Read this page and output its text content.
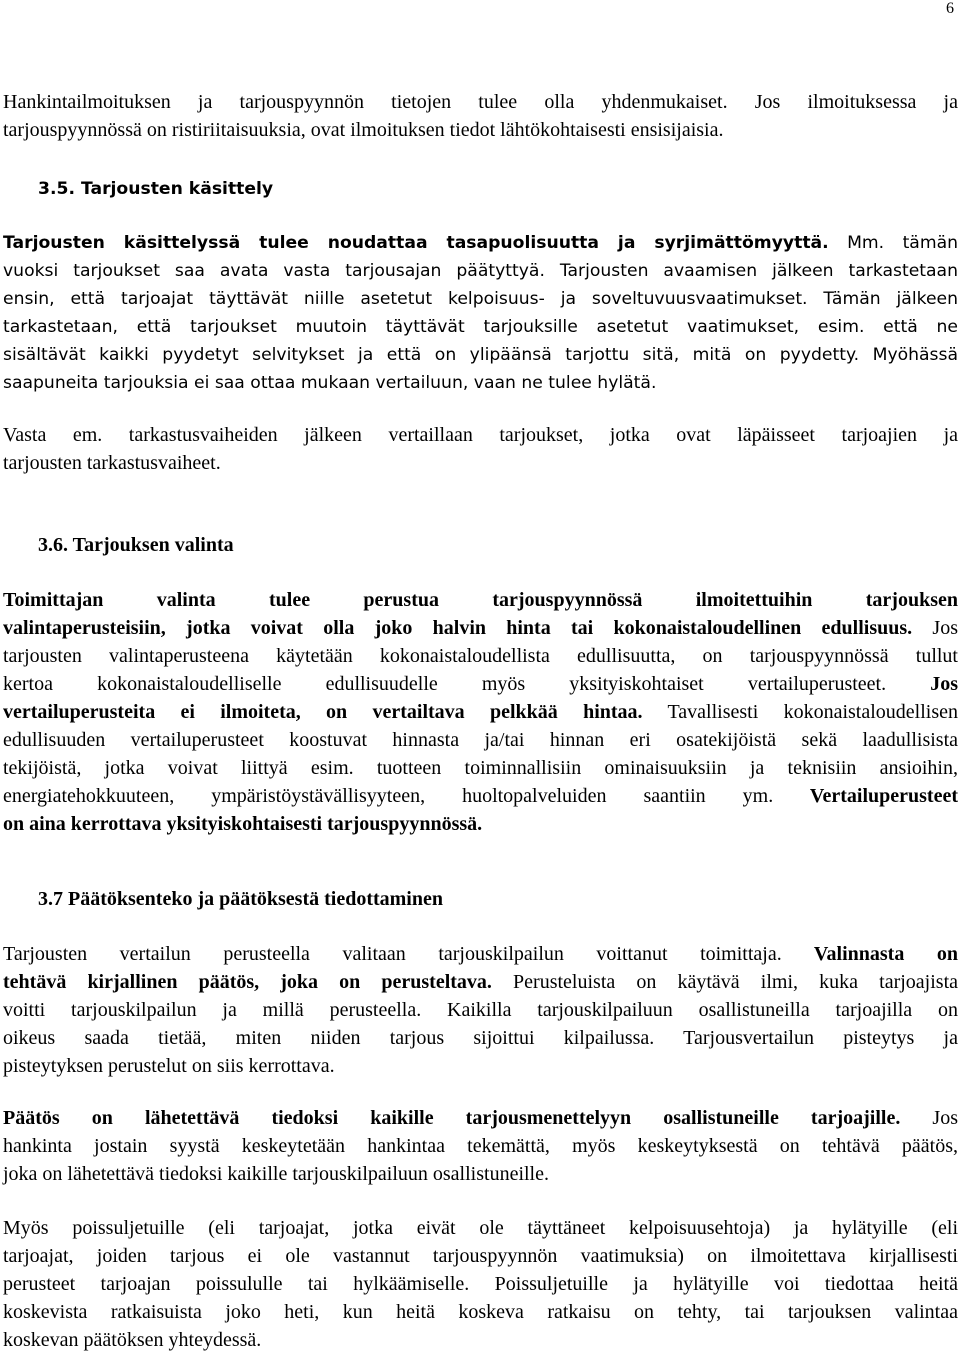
6
Hankintailmoituksen ja tarjouspyynnön tietojen tulee olla yhdenmukaiset. Jos ilmoituksessa ja
tarjouspyynnössä on ristiriitaisuuksia, ovat ilmoituksen tiedot lähtökohtaisesti ensisijaisia.
3.5. Tarjousten käsittely
Tarjousten käsittelyssä tulee noudattaa tasapuolisuutta ja syrjimättömyyttä. Mm. tämän
vuoksi tarjoukset saa avata vasta tarjousajan päätyttyä. Tarjousten avaamisen jälkeen tarkastetaan
ensin, että tarjoajat täyttävät niille asetetut kelpoisuus- ja soveltuvuusvaatimukset. Tämän jälkeen
tarkastetaan, että tarjoukset muutoin täyttävät tarjouksille asetetut vaatimukset, esim. että ne
sisältävät kaikki pyydetyt selvitykset ja että on ylipäänsä tarjottu sitä, mitä on pyydetty. Myöhässä
saapuneita tarjouksia ei saa ottaa mukaan vertailuun, vaan ne tulee hylätä.
Vasta em. tarkastusvaiheiden jälkeen vertaillaan tarjoukset, jotka ovat läpäisseet tarjoajien ja
tarjousten tarkastusvaiheet.
3.6. Tarjouksen valinta
Toimittajan valinta tulee perustua tarjouspyynnössä ilmoitettuihin tarjouksen
valintaperusteisiin, jotka voivat olla joko halvin hinta tai kokonaistaloudellinen edullisuus. Jos
tarjousten valintaperusteena käytetään kokonaistaloudellista edullisuutta, on tarjouspyynnössä tullut
kertoa kokonaistaloudelliselle edullisuudelle myös yksityiskohtaiset vertailuperusteet. Jos
vertailuperusteita ei ilmoiteta, on vertailtava pelkkää hintaa. Tavallisesti kokonaistaloudellisen
edullisuuden vertailuperusteet koostuvat hinnasta ja/tai hinnan eri osatekijöistä sekä laadullisista
tekijöistä, jotka voivat liittyä esim. tuotteen toiminnallisiin ominaisuuksiin ja teknisiin ansioihin,
energiatehokkuuteen, ympäristöystävällisyyteen, huoltopalveluiden saantiin ym. Vertailuperusteet
on aina kerrottava yksityiskohtaisesti tarjouspyynnössä.
3.7 Päätöksenteko ja päätöksestä tiedottaminen
Tarjousten vertailun perusteella valitaan tarjouskilpailun voittanut toimittaja. Valinnasta on
tehtävä kirjallinen päätös, joka on perusteltava. Perusteluista on käytävä ilmi, kuka tarjoajista
voitti tarjouskilpailun ja millä perusteella. Kaikilla tarjouskilpailuun osallistuneilla tarjoajilla on
oikeus saada tietää, miten niiden tarjous sijoittui kilpailussa. Tarjousvertailun pisteytys ja
pisteytyksen perustelut on siis kerrottava.
Päätös on lähetettävä tiedoksi kaikille tarjousmenettelyyn osallistuneille tarjoajille. Jos
hankinta jostain syystä keskeytetään hankintaa tekemättä, myös keskeytyksestä on tehtävä päätös,
joka on lähetettävä tiedoksi kaikille tarjouskilpailuun osallistuneille.
Myös poissuljetuille (eli tarjoajat, jotka eivät ole täyttäneet kelpoisuusehtoja) ja hylätyille (eli
tarjoajat, joiden tarjous ei ole vastannut tarjouspyynnön vaatimuksia) on ilmoitettava kirjallisesti
perusteet tarjoajan poissululle tai hylkäämiselle. Poissuljetuille ja hylätyille voi tiedottaa heitä
koskevista ratkaisuista joko heti, kun heitä koskeva ratkaisu on tehty, tai tarjouksen valintaa
koskevan päätöksen yhteydessä.
